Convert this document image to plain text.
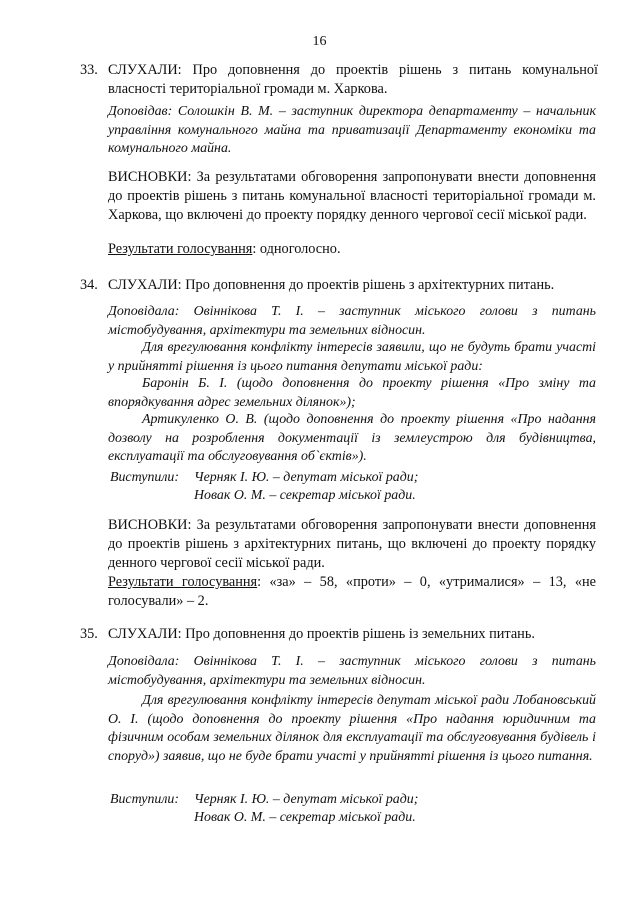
16
33. СЛУХАЛИ: Про доповнення до проектів рішень з питань комунальної власності територіальної громади м. Харкова.
Доповідав: Солошкін В. М. – заступник директора департаменту – начальник управління комунального майна та приватизації Департаменту економіки та комунального майна.
ВИСНОВКИ: За результатами обговорення запропонувати внести доповнення до проектів рішень з питань комунальної власності територіальної громади м. Харкова, що включені до проекту порядку денного чергової сесії міської ради.
Результати голосування: одноголосно.
34. СЛУХАЛИ: Про доповнення до проектів рішень з архітектурних питань.
Доповідала: Овіннікова Т. І. – заступник міського голови з питань містобудування, архітектури та земельних відносин.
Для врегулювання конфлікту інтересів заявили, що не будуть брати участі у прийнятті рішення із цього питання депутати міської ради:
Баронін Б. І. (щодо доповнення до проекту рішення «Про зміну та впорядкування адрес земельних ділянок»);
Артикуленко О. В. (щодо доповнення до проекту рішення «Про надання дозволу на розроблення документації із землеустрою для будівництва, експлуатації та обслуговування об`єктів»).
Виступили: Черняк І. Ю. – депутат міської ради;
Новак О. М. – секретар міської ради.
ВИСНОВКИ: За результатами обговорення запропонувати внести доповнення до проектів рішень з архітектурних питань, що включені до проекту порядку денного чергової сесії міської ради.
Результати голосування: «за» – 58, «проти» – 0, «утрималися» – 13, «не голосували» – 2.
35. СЛУХАЛИ: Про доповнення до проектів рішень із земельних питань.
Доповідала: Овіннікова Т. І. – заступник міського голови з питань містобудування, архітектури та земельних відносин.
Для врегулювання конфлікту інтересів депутат міської ради Лобановський О. І. (щодо доповнення до проекту рішення «Про надання юридичним та фізичним особам земельних ділянок для експлуатації та обслуговування будівель і споруд») заявив, що не буде брати участі у прийнятті рішення із цього питання.
Виступили: Черняк І. Ю. – депутат міської ради;
Новак О. М. – секретар міської ради.
